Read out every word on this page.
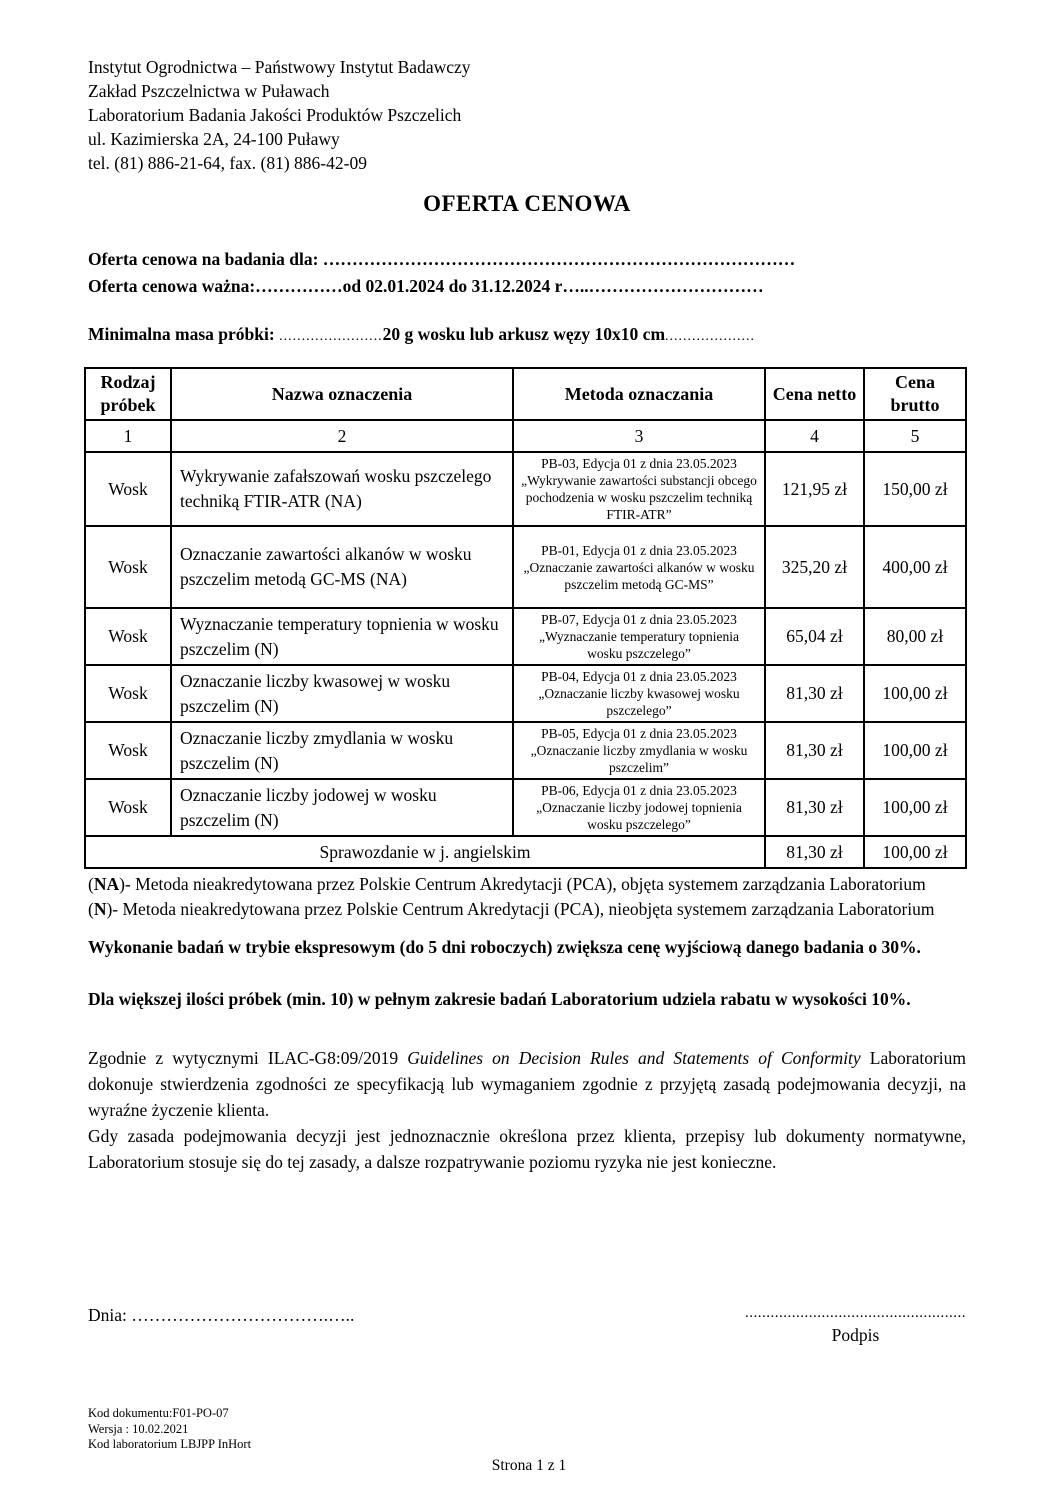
Instytut Ogrodnictwa – Państwowy Instytut Badawczy
Zakład Pszczelnictwa w Puławach
Laboratorium Badania Jakości Produktów Pszczelich
ul. Kazimierska 2A, 24-100 Puławy
tel. (81) 886-21-64, fax. (81) 886-42-09
OFERTA CENOWA
Oferta cenowa na badania dla: ………………………………………………………………………
Oferta cenowa ważna:……………od 02.01.2024 do 31.12.2024 r…..…………………………
Minimalna masa próbki: .......................20 g wosku lub arkusz węzy 10x10 cm....................
Rodzaj próbek	Nazwa oznaczenia	Metoda oznaczania	Cena netto	Cena brutto
1	2	3	4	5
Wosk	Wykrywanie zafałszowań wosku pszczelego techniką FTIR-ATR (NA)	PB-03, Edycja 01 z dnia 23.05.2023 „Wykrywanie zawartości substancji obcego pochodzenia w wosku pszczelim techniką FTIR-ATR”	121,95 zł	150,00 zł
Wosk	Oznaczanie zawartości alkanów w wosku pszczelim metodą GC-MS (NA)	PB-01, Edycja 01 z dnia 23.05.2023 „Oznaczanie zawartości alkanów w wosku pszczelim metodą GC-MS”	325,20 zł	400,00 zł
Wosk	Wyznaczanie temperatury topnienia w wosku pszczelim (N)	PB-07, Edycja 01 z dnia 23.05.2023 „Wyznaczanie temperatury topnienia wosku pszczelego”	65,04 zł	80,00 zł
Wosk	Oznaczanie liczby kwasowej w wosku pszczelim (N)	PB-04, Edycja 01 z dnia 23.05.2023 „Oznaczanie liczby kwasowej wosku pszczelego”	81,30 zł	100,00 zł
Wosk	Oznaczanie liczby zmydlania w wosku pszczelim (N)	PB-05, Edycja 01 z dnia 23.05.2023 „Oznaczanie liczby zmydlania w wosku pszczelim”	81,30 zł	100,00 zł
Wosk	Oznaczanie liczby jodowej w wosku pszczelim (N)	PB-06, Edycja 01 z dnia 23.05.2023 „Oznaczanie liczby jodowej topnienia wosku pszczelego”	81,30 zł	100,00 zł
Sprawozdanie w j. angielskim			81,30 zł	100,00 zł
(NA)- Metoda nieakredytowana przez Polskie Centrum Akredytacji (PCA), objęta systemem zarządzania Laboratorium
(N)- Metoda nieakredytowana przez Polskie Centrum Akredytacji (PCA), nieobjęta systemem zarządzania Laboratorium
Wykonanie badań w trybie ekspresowym (do 5 dni roboczych) zwiększa cenę wyjściową danego badania o 30%.
Dla większej ilości próbek (min. 10) w pełnym zakresie badań Laboratorium udziela rabatu w wysokości 10%.
Zgodnie z wytycznymi ILAC-G8:09/2019 Guidelines on Decision Rules and Statements of Conformity Laboratorium dokonuje stwierdzenia zgodności ze specyfikacją lub wymaganiem zgodnie z przyjętą zasadą podejmowania decyzji, na wyraźne życzenie klienta.
Gdy zasada podejmowania decyzji jest jednoznacznie określona przez klienta, przepisy lub dokumenty normatywne, Laboratorium stosuje się do tej zasady, a dalsze rozpatrywanie poziomu ryzyka nie jest konieczne.
Dnia: …………………………….…..	....................................................
Podpis
Kod dokumentu:F01-PO-07
Wersja : 10.02.2021
Kod laboratorium LBJPP InHort
Strona 1 z 1
